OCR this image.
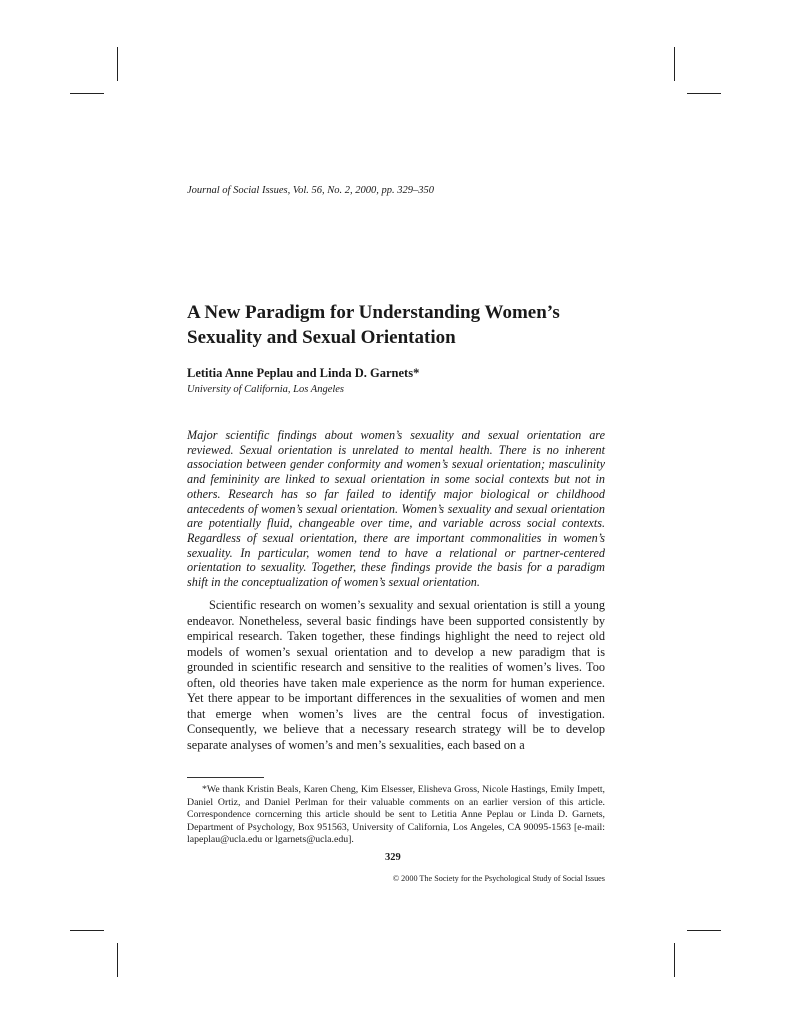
Journal of Social Issues, Vol. 56, No. 2, 2000, pp. 329–350
A New Paradigm for Understanding Women’s Sexuality and Sexual Orientation
Letitia Anne Peplau and Linda D. Garnets*
University of California, Los Angeles

Major scientific findings about women’s sexuality and sexual orientation are reviewed. Sexual orientation is unrelated to mental health. There is no inherent association between gender conformity and women’s sexual orientation; masculinity and femininity are linked to sexual orientation in some social contexts but not in others. Research has so far failed to identify major biological or childhood antecedents of women’s sexual orientation. Women’s sexuality and sexual orientation are potentially fluid, changeable over time, and variable across social contexts. Regardless of sexual orientation, there are important commonalities in women’s sexuality. In particular, women tend to have a relational or partner-centered orientation to sexuality. Together, these findings provide the basis for a paradigm shift in the conceptualization of women’s sexual orientation.

Scientific research on women’s sexuality and sexual orientation is still a young endeavor. Nonetheless, several basic findings have been supported consistently by empirical research. Taken together, these findings highlight the need to reject old models of women’s sexual orientation and to develop a new paradigm that is grounded in scientific research and sensitive to the realities of women’s lives. Too often, old theories have taken male experience as the norm for human experience. Yet there appear to be important differences in the sexualities of women and men that emerge when women’s lives are the central focus of investigation. Consequently, we believe that a necessary research strategy will be to develop separate analyses of women’s and men’s sexualities, each based on a

*We thank Kristin Beals, Karen Cheng, Kim Elsesser, Elisheva Gross, Nicole Hastings, Emily Impett, Daniel Ortiz, and Daniel Perlman for their valuable comments on an earlier version of this article. Correspondence corncerning this article should be sent to Letitia Anne Peplau or Linda D. Garnets, Department of Psychology, Box 951563, University of California, Los Angeles, CA 90095-1563 [e-mail: lapeplau@ucla.edu or lgarnets@ucla.edu].

329
© 2000 The Society for the Psychological Study of Social Issues
